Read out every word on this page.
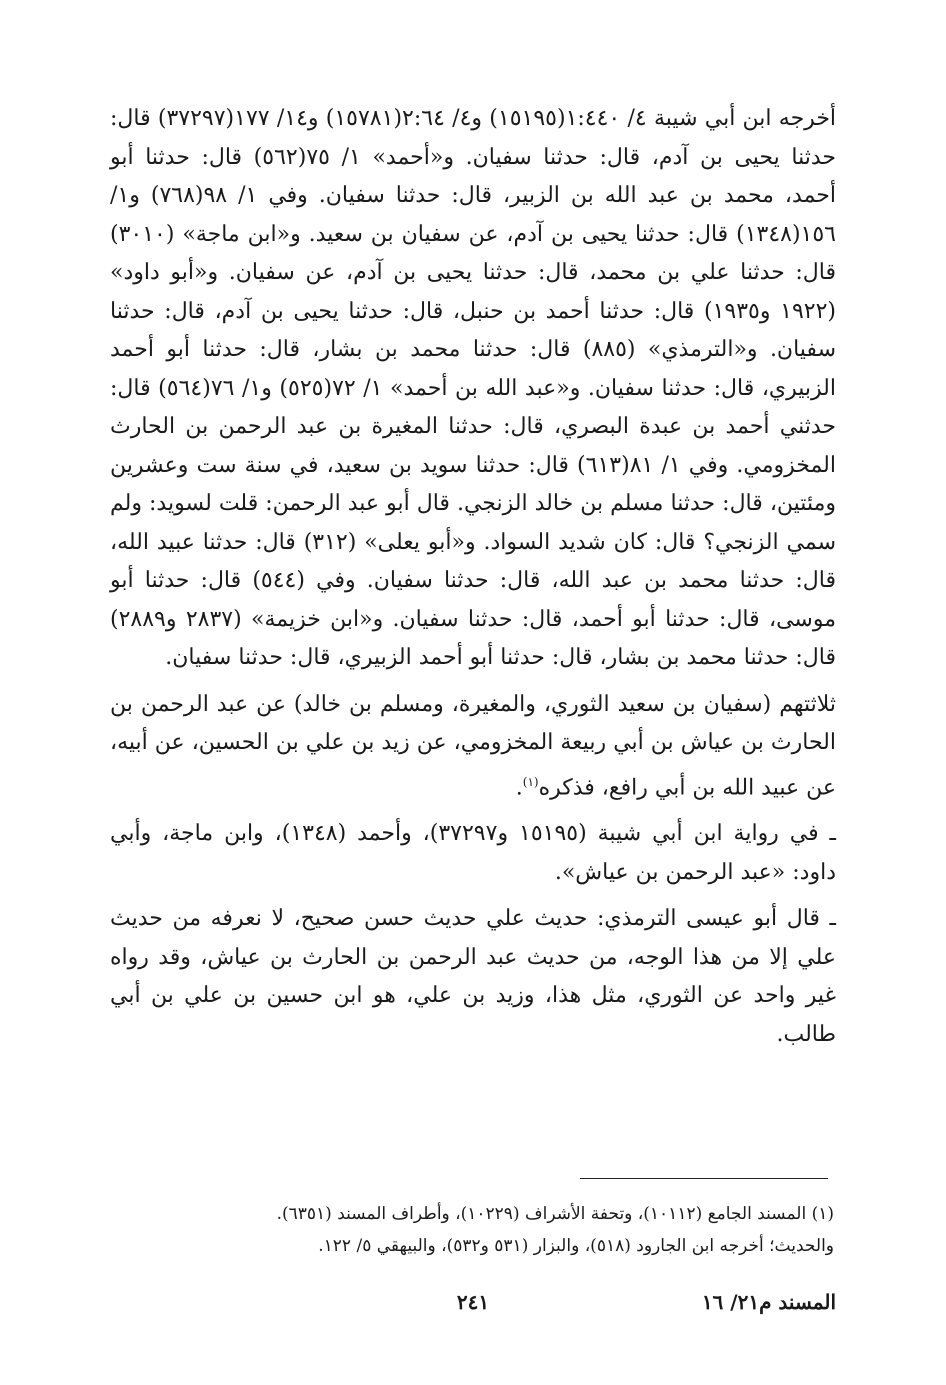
أخرجه ابن أبي شيبة ٤/ ١:٤٤٠(١٥١٩٥) و٤/ ٢:٦٤(١٥٧٨١) و١٤/ ١٧٧(٣٧٢٩٧) قال: حدثنا يحيى بن آدم، قال: حدثنا سفيان. و«أحمد» ١/ ٧٥(٥٦٢) قال: حدثنا أبو أحمد، محمد بن عبد الله بن الزبير، قال: حدثنا سفيان. وفي ١/ ٩٨(٧٦٨) و١/ ١٥٦(١٣٤٨) قال: حدثنا يحيى بن آدم، عن سفيان بن سعيد. و«ابن ماجة» (٣٠١٠) قال: حدثنا علي بن محمد، قال: حدثنا يحيى بن آدم، عن سفيان. و«أبو داود» (١٩٢٢ و١٩٣٥) قال: حدثنا أحمد بن حنبل، قال: حدثنا يحيى بن آدم، قال: حدثنا سفيان. و«الترمذي» (٨٨٥) قال: حدثنا محمد بن بشار، قال: حدثنا أبو أحمد الزبيري، قال: حدثنا سفيان. و«عبد الله بن أحمد» ١/ ٧٢(٥٢٥) و١/ ٧٦(٥٦٤) قال: حدثني أحمد بن عبدة البصري، قال: حدثنا المغيرة بن عبد الرحمن بن الحارث المخزومي. وفي ١/ ٨١(٦١٣) قال: حدثنا سويد بن سعيد، في سنة ست وعشرين ومئتين، قال: حدثنا مسلم بن خالد الزنجي. قال أبو عبد الرحمن: قلت لسويد: ولم سمي الزنجي؟ قال: كان شديد السواد. و«أبو يعلى» (٣١٢) قال: حدثنا عبيد الله، قال: حدثنا محمد بن عبد الله، قال: حدثنا سفيان. وفي (٥٤٤) قال: حدثنا أبو موسى، قال: حدثنا أبو أحمد، قال: حدثنا سفيان. و«ابن خزيمة» (٢٨٣٧ و٢٨٨٩) قال: حدثنا محمد بن بشار، قال: حدثنا أبو أحمد الزبيري، قال: حدثنا سفيان.

ثلاثتهم (سفيان بن سعيد الثوري، والمغيرة، ومسلم بن خالد) عن عبد الرحمن بن الحارث بن عياش بن أبي ربيعة المخزومي، عن زيد بن علي بن الحسين، عن أبيه، عن عبيد الله بن أبي رافع، فذكره$^{(١)}$.

ـ في رواية ابن أبي شيبة (١٥١٩٥ و٣٧٢٩٧)، وأحمد (١٣٤٨)، وابن ماجة، وأبي داود: «عبد الرحمن بن عياش».

ـ قال أبو عيسى الترمذي: حديث علي حديث حسن صحيح، لا نعرفه من حديث علي إلا من هذا الوجه، من حديث عبد الرحمن بن الحارث بن عياش، وقد رواه غير واحد عن الثوري، مثل هذا، وزيد بن علي، هو ابن حسين بن علي بن أبي طالب.

(١) المسند الجامع (١٠١١٢)، وتحفة الأشراف (١٠٢٢٩)، وأطراف المسند (٦٣٥١).

والحديث؛ أخرجه ابن الجارود (٥١٨)، والبزار (٥٣١ و٥٣٢)، والبيهقي ٥/ ١٢٢.

المسند م٢١/ ١٦
٢٤١
